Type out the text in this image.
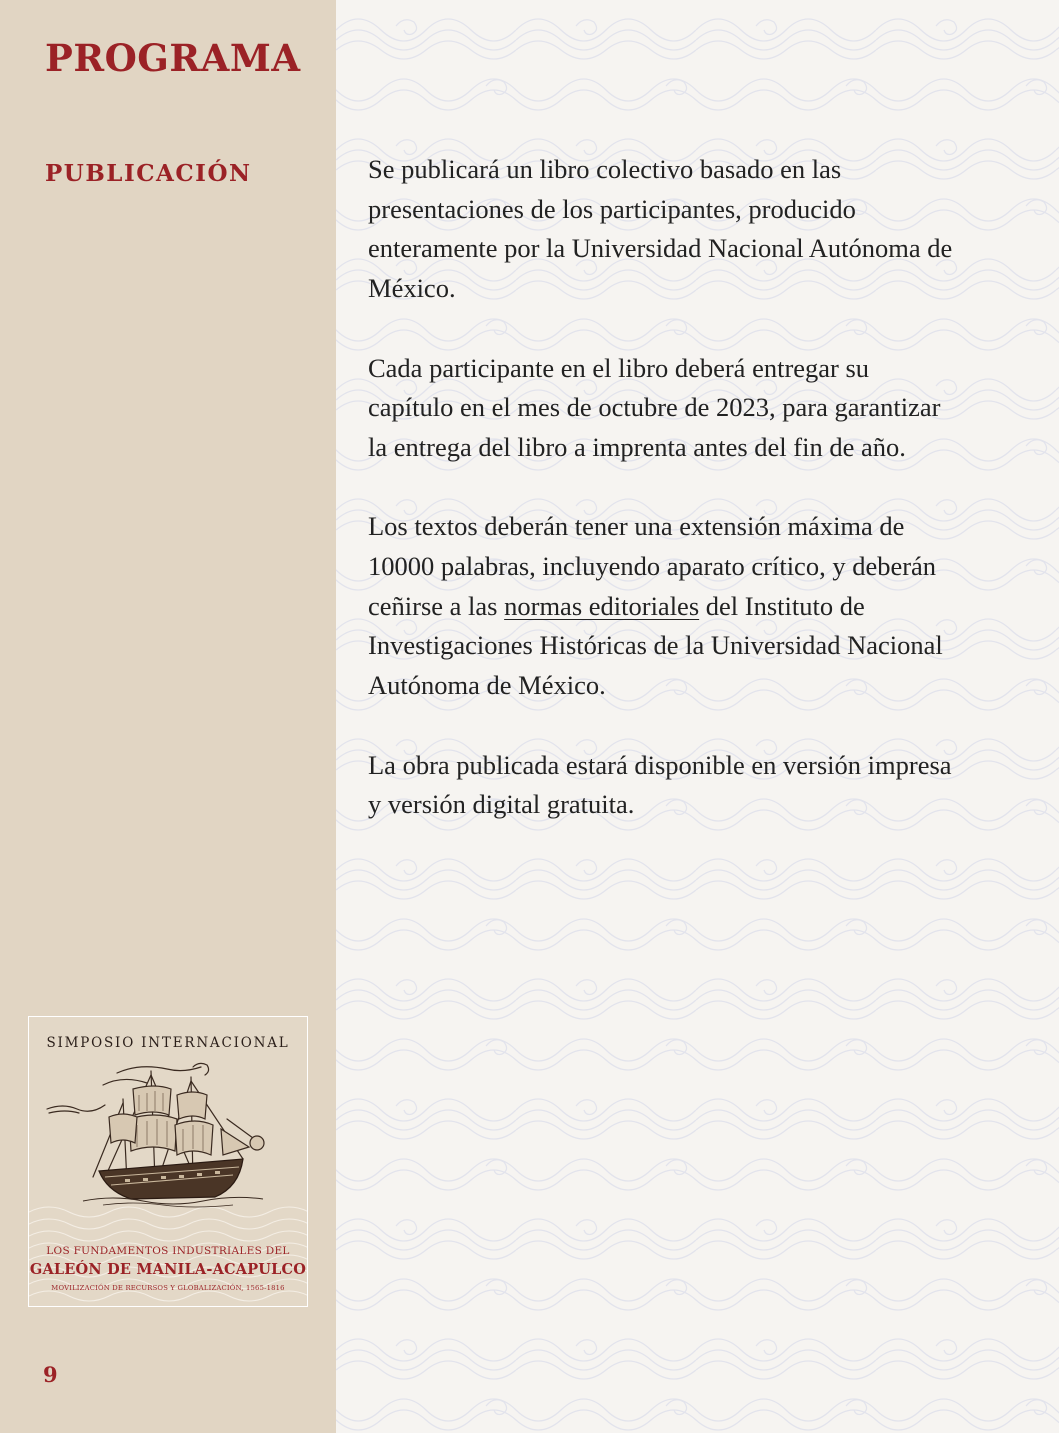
PROGRAMA
PUBLICACIÓN
SIMPOSIO INTERNACIONAL
LOS FUNDAMENTOS INDUSTRIALES DEL
GALEÓN DE MANILA-ACAPULCO
MOVILIZACIÓN DE RECURSOS Y GLOBALIZACIÓN, 1565-1816
9

Se publicará un libro colectivo basado en las presentaciones de los participantes, producido enteramente por la Universidad Nacional Autónoma de México.

Cada participante en el libro deberá entregar su capítulo en el mes de octubre de 2023, para garantizar la entrega del libro a imprenta antes del fin de año.

Los textos deberán tener una extensión máxima de 10000 palabras, incluyendo aparato crítico, y deberán ceñirse a las normas editoriales del Instituto de Investigaciones Históricas de la Universidad Nacional Autónoma de México.

La obra publicada estará disponible en versión impresa y versión digital gratuita.
